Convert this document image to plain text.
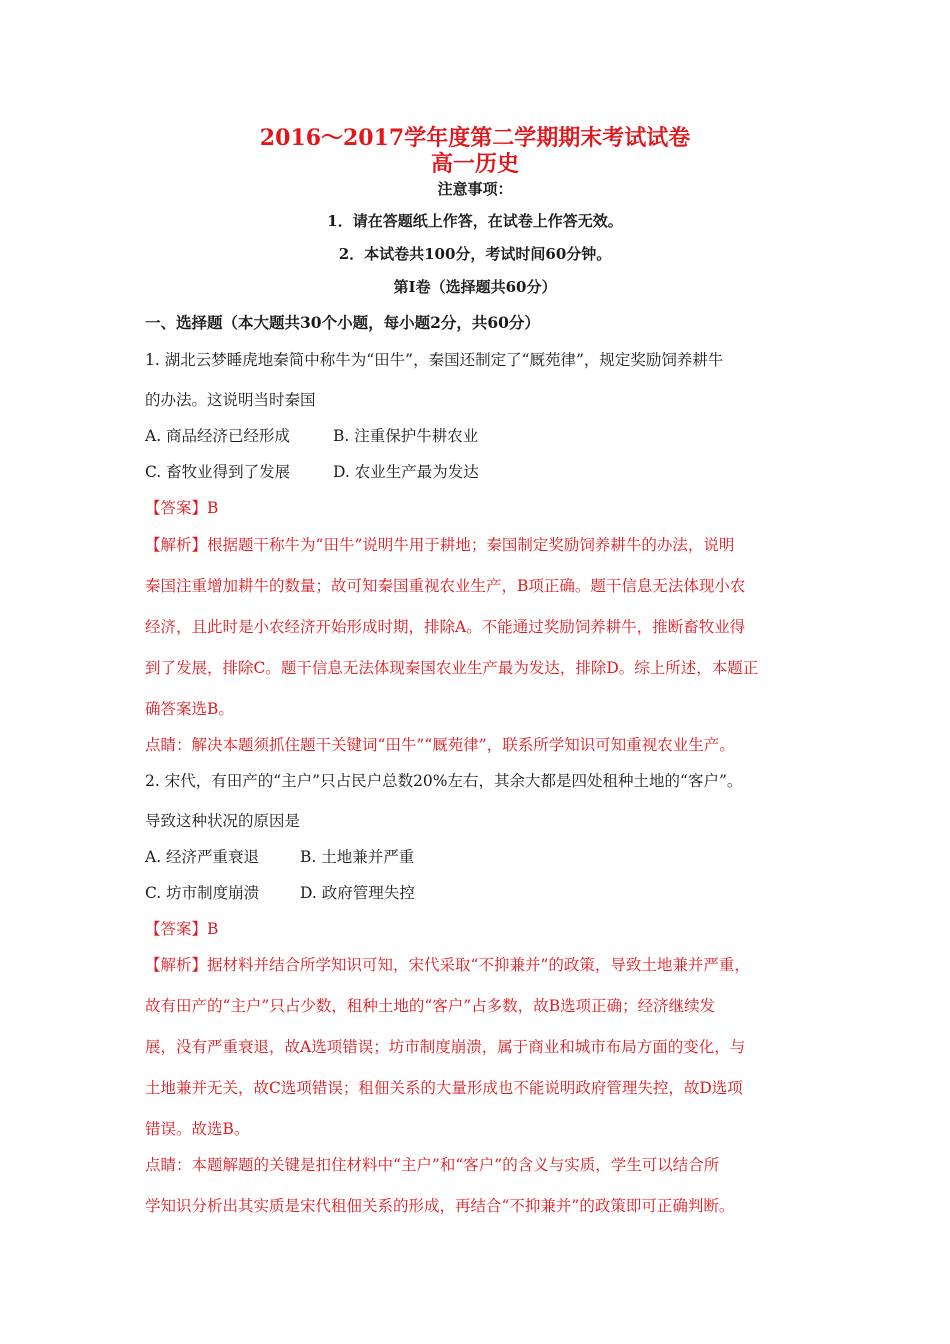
2016～2017学年度第二学期期末考试试卷
高一历史
注意事项：
1．请在答题纸上作答，在试卷上作答无效。
2．本试卷共100分，考试时间60分钟。
第Ⅰ卷（选择题共60分）
一、选择题（本大题共30个小题，每小题2分，共60分）
1. 湖北云梦睡虎地秦简中称牛为“田牛”，秦国还制定了“厩苑律”，规定奖励饲养耕牛
的办法。这说明当时秦国
A. 商品经济已经形成	B. 注重保护牛耕农业
C. 畜牧业得到了发展	D. 农业生产最为发达
【答案】B
【解析】根据题干称牛为“田牛”说明牛用于耕地；秦国制定奖励饲养耕牛的办法，说明
秦国注重增加耕牛的数量；故可知秦国重视农业生产，B项正确。题干信息无法体现小农
经济，且此时是小农经济开始形成时期，排除A。不能通过奖励饲养耕牛，推断畜牧业得
到了发展，排除C。题干信息无法体现秦国农业生产最为发达，排除D。综上所述，本题正
确答案选B。
点睛：解决本题须抓住题干关键词“田牛”“厩苑律”，联系所学知识可知重视农业生产。
2. 宋代，有田产的“主户”只占民户总数20%左右，其余大都是四处租种土地的“客户”。
导致这种状况的原因是
A. 经济严重衰退	B. 土地兼并严重
C. 坊市制度崩溃	D. 政府管理失控
【答案】B
【解析】据材料并结合所学知识可知，宋代采取“不抑兼并”的政策，导致土地兼并严重，
故有田产的“主户”只占少数，租种土地的“客户”占多数，故B选项正确；经济继续发
展，没有严重衰退，故A选项错误；坊市制度崩溃，属于商业和城市布局方面的变化，与
土地兼并无关，故C选项错误；租佃关系的大量形成也不能说明政府管理失控，故D选项
错误。故选B。
点睛：本题解题的关键是扣住材料中“主户”和“客户”的含义与实质，学生可以结合所
学知识分析出其实质是宋代租佃关系的形成，再结合“不抑兼并”的政策即可正确判断。
